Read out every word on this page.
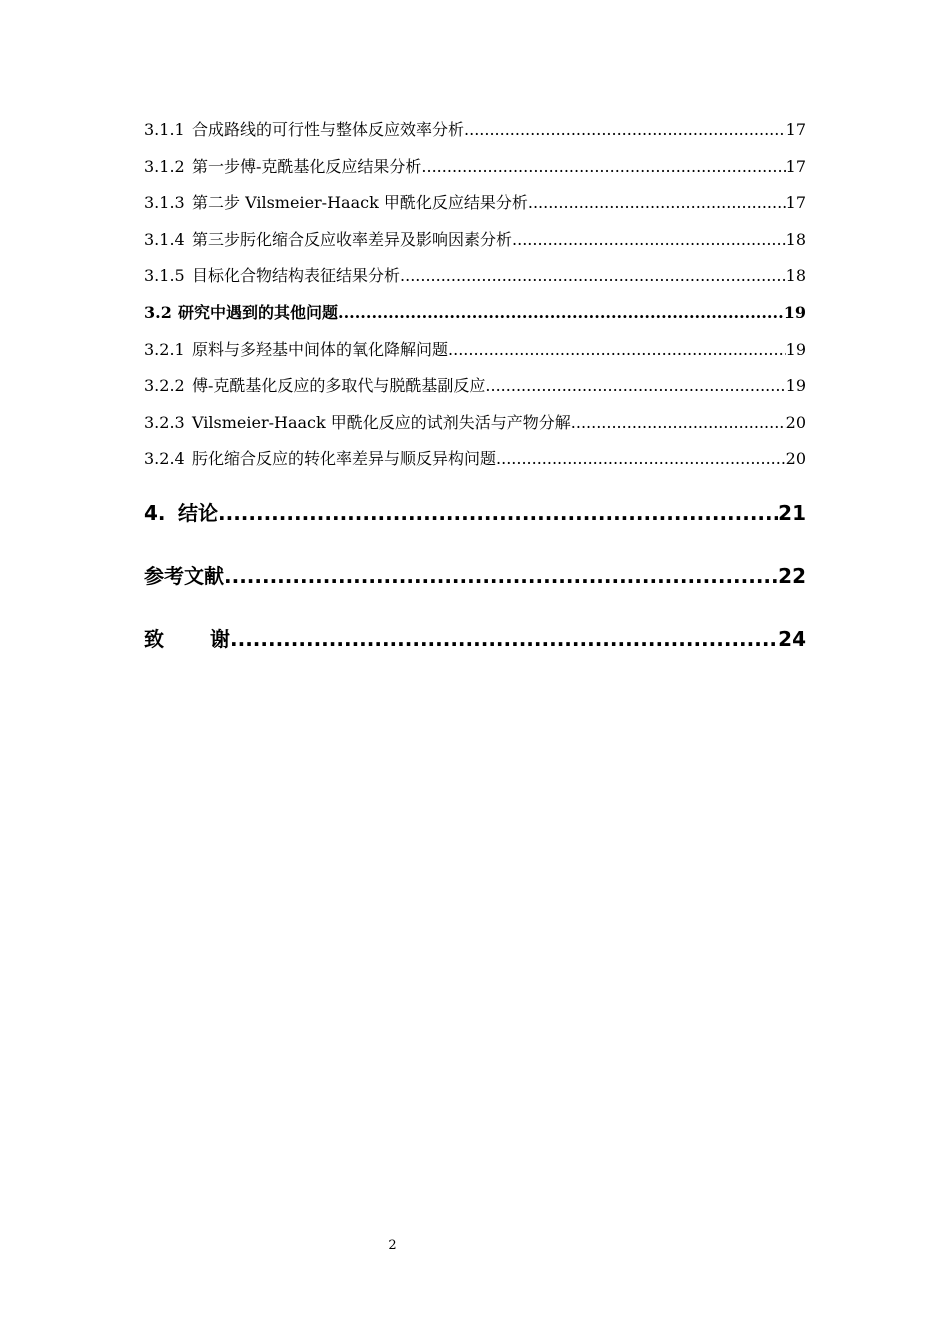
3.1.1 合成路线的可行性与整体反应效率分析 .....	17
3.1.2 第一步傅-克酰基化反应结果分析 .....	17
3.1.3 第二步 Vilsmeier-Haack 甲酰化反应结果分析 .....	17
3.1.4 第三步肟化缩合反应收率差异及影响因素分析 .....	18
3.1.5 目标化合物结构表征结果分析 .....	18
3.2 研究中遇到的其他问题 .....	19
3.2.1 原料与多羟基中间体的氧化降解问题 .....	19
3.2.2 傅-克酰基化反应的多取代与脱酰基副反应 .....	19
3.2.3 Vilsmeier-Haack 甲酰化反应的试剂失活与产物分解 .....	20
3.2.4 肟化缩合反应的转化率差异与顺反异构问题 .....	20
4. 结论 .....	21
参考文献 .....	22
致 谢 .....	24
2
